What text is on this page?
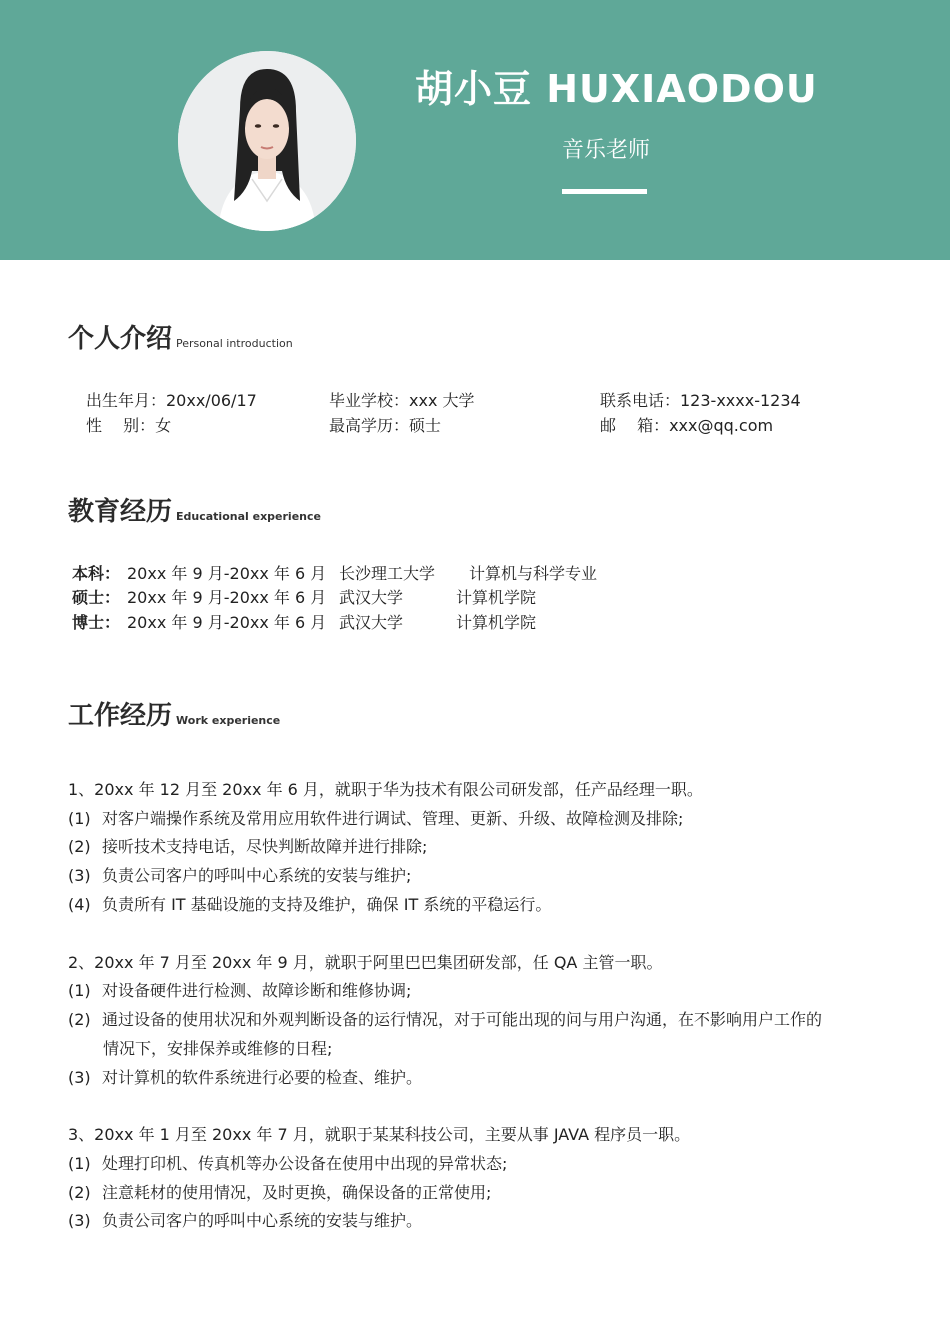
胡小豆 HUXIAODOU
音乐老师
个人介绍 Personal introduction
出生年月：20xx/06/17
性　 别：女
毕业学校：xxx 大学
最高学历：硕士
联系电话：123-xxxx-1234
邮　 箱：xxx@qq.com
教育经历 Educational experience
本科： 20xx 年 9 月-20xx 年 6 月 长沙理工大学 计算机与科学专业
硕士： 20xx 年 9 月-20xx 年 6 月 武汉大学	计算机学院
博士： 20xx 年 9 月-20xx 年 6 月 武汉大学	计算机学院
工作经历 Work experience
1、20xx 年 12 月至 20xx 年 6 月，就职于华为技术有限公司研发部，任产品经理一职。
(1) 对客户端操作系统及常用应用软件进行调试、管理、更新、升级、故障检测及排除;
(2) 接听技术支持电话，尽快判断故障并进行排除;
(3) 负责公司客户的呼叫中心系统的安装与维护;
(4) 负责所有 IT 基础设施的支持及维护，确保 IT 系统的平稳运行。
2、20xx 年 7 月至 20xx 年 9 月，就职于阿里巴巴集团研发部，任 QA 主管一职。
(1) 对设备硬件进行检测、故障诊断和维修协调;
(2) 通过设备的使用状况和外观判断设备的运行情况，对于可能出现的问与用户沟通，在不影响用户工作的
情况下，安排保养或维修的日程;
(3) 对计算机的软件系统进行必要的检查、维护。
3、20xx 年 1 月至 20xx 年 7 月，就职于某某科技公司，主要从事 JAVA 程序员一职。
(1) 处理打印机、传真机等办公设备在使用中出现的异常状态;
(2) 注意耗材的使用情况，及时更换，确保设备的正常使用;
(3) 负责公司客户的呼叫中心系统的安装与维护。
